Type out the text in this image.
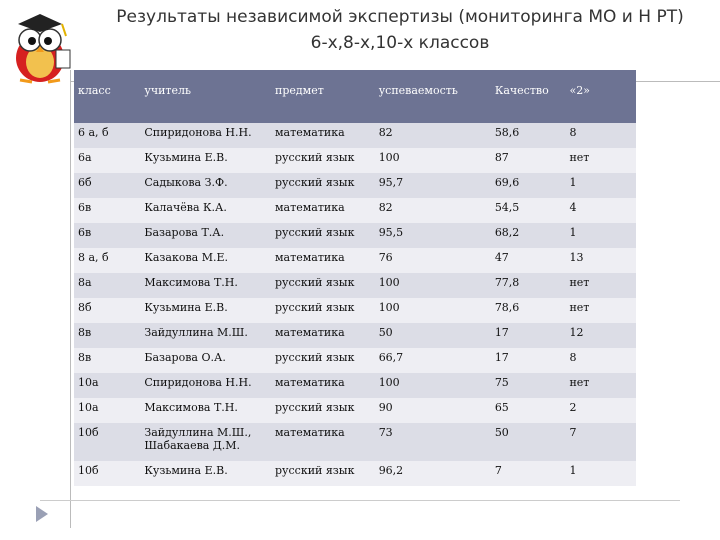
Результаты независимой экспертизы (мониторинга МО и Н РТ)
6-х,8-х,10-х классов
класс	учитель	предмет	успеваемость	Качество	«2»
6 а, б	Спиридонова Н.Н.	математика	82	58,6	8
6а	Кузьмина Е.В.	русский язык	100	87	нет
6б	Садыкова З.Ф.	русский язык	95,7	69,6	1
6в	Калачёва К.А.	математика	82	54,5	4
6в	Базарова Т.А.	русский язык	95,5	68,2	1
8 а, б	Казакова М.Е.	математика	76	47	13
8а	Максимова Т.Н.	русский язык	100	77,8	нет
8б	Кузьмина Е.В.	русский язык	100	78,6	нет
8в	Зайдуллина М.Ш.	математика	50	17	12
8в	Базарова О.А.	русский язык	66,7	17	8
10а	Спиридонова Н.Н.	математика	100	75	нет
10а	Максимова Т.Н.	русский язык	90	65	2
10б	Зайдуллина М.Ш., Шабакаева Д.М.	математика	73	50	7
10б	Кузьмина Е.В.	русский язык	96,2	7	1
